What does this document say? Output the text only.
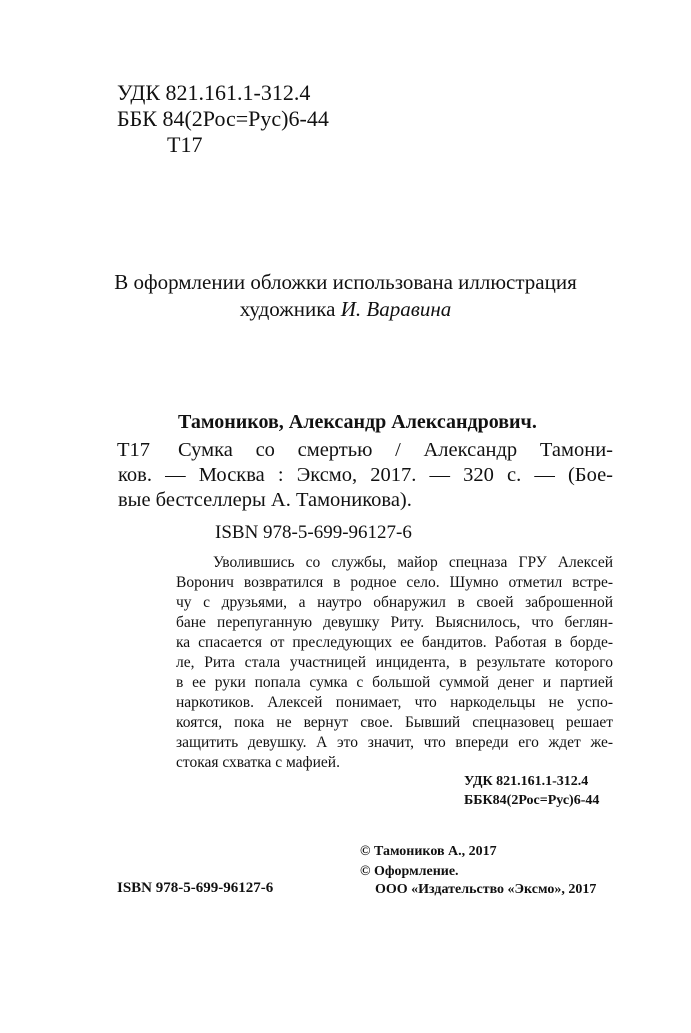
УДК 821.161.1-312.4
ББК 84(2Рос=Рус)6-44
Т17
В оформлении обложки использована иллюстрация
художника И. Варавина
Тамоников, Александр Александрович.
Т17 Сумка со смертью / Александр Тамони-
ков. — Москва : Эксмо, 2017. — 320 с. — (Бое-
вые бестселлеры А. Тамоникова).
ISBN 978-5-699-96127-6
Уволившись со службы, майор спецназа ГРУ Алексей
Воронич возвратился в родное село. Шумно отметил встре-
чу с друзьями, а наутро обнаружил в своей заброшенной
бане перепуганную девушку Риту. Выяснилось, что беглян-
ка спасается от преследующих ее бандитов. Работая в борде-
ле, Рита стала участницей инцидента, в результате которого
в ее руки попала сумка с большой суммой денег и партией
наркотиков. Алексей понимает, что наркодельцы не успо-
коятся, пока не вернут свое. Бывший спецназовец решает
защитить девушку. А это значит, что впереди его ждет же-
стокая схватка с мафией.
УДК 821.161.1-312.4
ББК84(2Рос=Рус)6-44
© Тамоников А., 2017
© Оформление.
ISBN 978-5-699-96127-6	ООО «Издательство «Эксмо», 2017
